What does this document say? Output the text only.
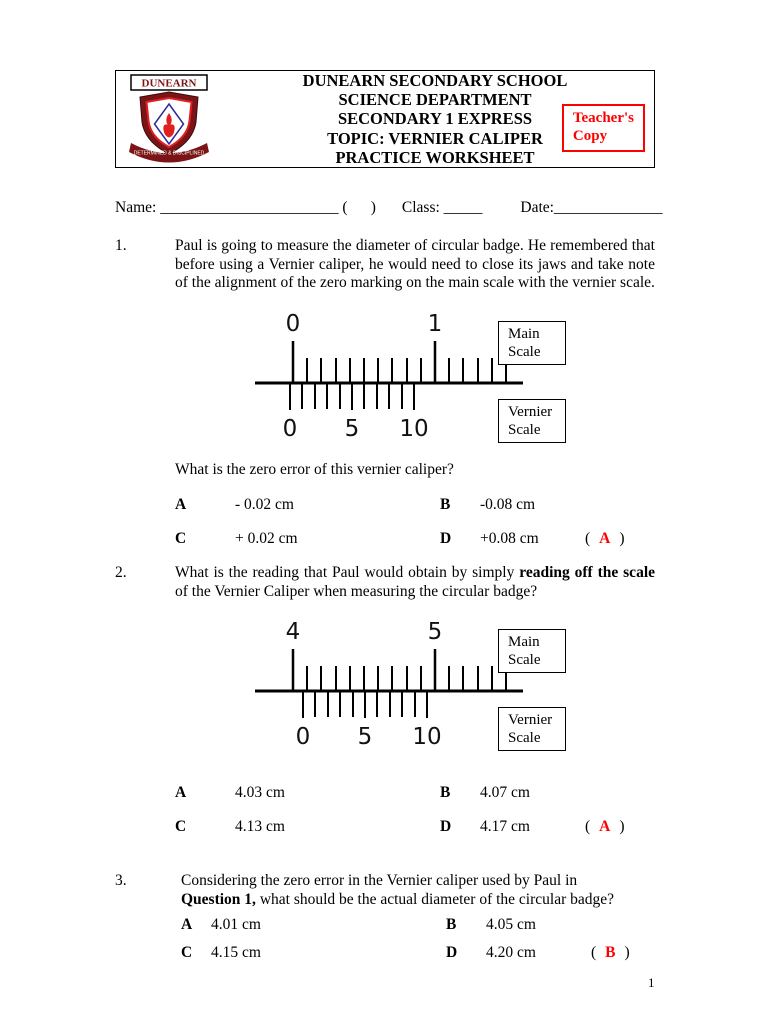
DUNEARN
DETERMINED & DISCIPLINED
DUNEARN SECONDARY SCHOOL
SCIENCE DEPARTMENT
SECONDARY 1 EXPRESS
TOPIC: VERNIER CALIPER
PRACTICE WORKSHEET
Teacher's
Copy
Name: _______________________ (      ) Class: _____ Date:______________
1.	Paul is going to measure the diameter of circular badge. He remembered that before using a Vernier caliper, he would need to close its jaws and take note of the alignment of the zero marking on the main scale with the vernier scale.
0	1
0 5 10
Main
Scale
Vernier
Scale
What is the zero error of this vernier caliper?
A	- 0.02 cm	B	-0.08 cm
C	+ 0.02 cm	D	+0.08 cm	( A )
2.	What is the reading that Paul would obtain by simply reading off the scale of the Vernier Caliper when measuring the circular badge?
4	5
0 5 10
Main
Scale
Vernier
Scale
A	4.03 cm	B	4.07 cm
C	4.13 cm	D	4.17 cm	( A )
3.	Considering the zero error in the Vernier caliper used by Paul in
Question 1, what should be the actual diameter of the circular badge?
A	4.01 cm	B	4.05 cm
C	4.15 cm	D	4.20 cm	( B )
1
